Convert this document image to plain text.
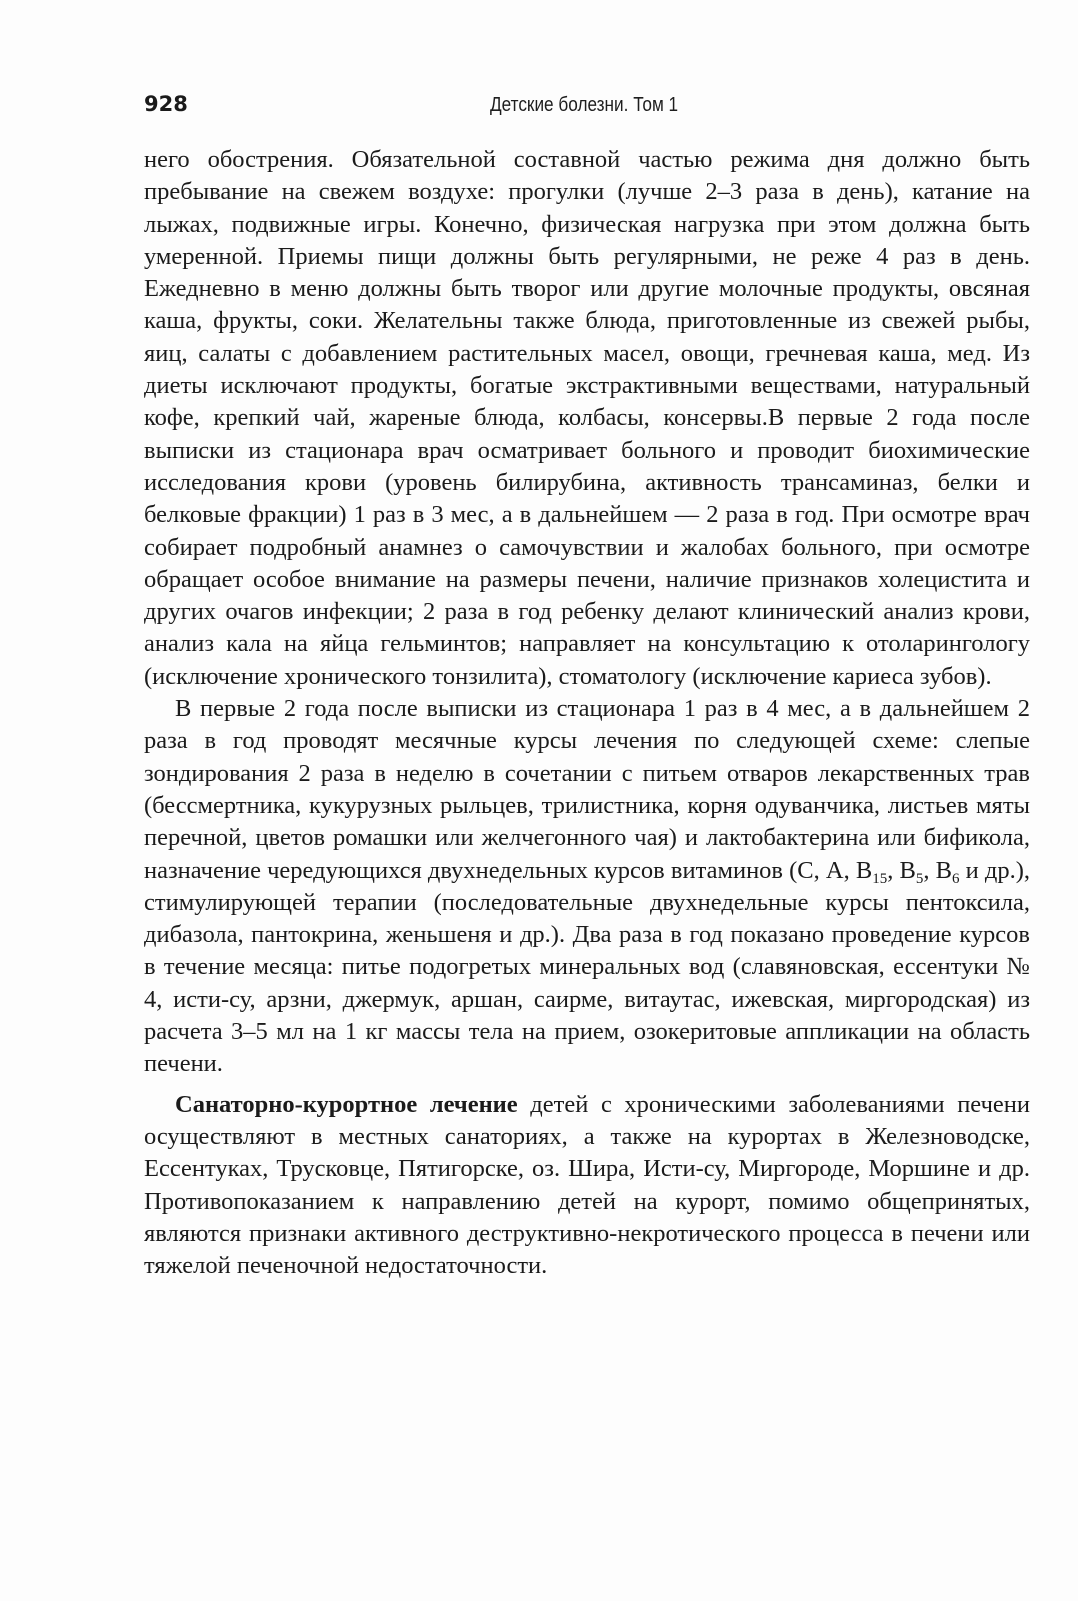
928	Детские болезни. Том 1

него обострения. Обязательной составной частью режима дня должно быть пребывание на свежем воздухе: прогулки (лучше 2–3 раза в день), катание на лыжах, подвижные игры. Конечно, физическая нагрузка при этом должна быть умеренной. Приемы пищи должны быть регулярными, не реже 4 раз в день. Ежедневно в меню должны быть творог или другие молочные продукты, овсяная каша, фрукты, соки. Желательны также блюда, приготовленные из свежей рыбы, яиц, салаты с добавлением растительных масел, овощи, гречневая каша, мед. Из диеты исключают продукты, богатые экстрактивными веществами, натуральный кофе, крепкий чай, жареные блюда, колбасы, консервы.В первые 2 года после выписки из стационара врач осматривает больного и проводит биохимические исследования крови (уровень билирубина, активность трансаминаз, белки и белковые фракции) 1 раз в 3 мес, а в дальнейшем — 2 раза в год. При осмотре врач собирает подробный анамнез о самочувствии и жалобах больного, при осмотре обращает особое внимание на размеры печени, наличие признаков холецистита и других очагов инфекции; 2 раза в год ребенку делают клинический анализ крови, анализ кала на яйца гельминтов; направляет на консультацию к отоларингологу (исключение хронического тонзилита), стоматологу (исключение кариеса зубов).

В первые 2 года после выписки из стационара 1 раз в 4 мес, а в дальнейшем 2 раза в год проводят месячные курсы лечения по следующей схеме: слепые зондирования 2 раза в неделю в сочетании с питьем отваров лекарственных трав (бессмертника, кукурузных рыльцев, трилистника, корня одуванчика, листьев мяты перечной, цветов ромашки или желчегонного чая) и лактобактерина или бификола, назначение чередующихся двухнедельных курсов витаминов (С, А, $В_{15}$, $В_5$, $В_6$ и др.), стимулирующей терапии (последовательные двухнедельные курсы пентоксила, дибазола, пантокрина, женьшеня и др.). Два раза в год показано проведение курсов в течение месяца: питье подогретых минеральных вод (славяновская, ессентуки № 4, исти-су, арзни, джермук, аршан, саирме, витаутас, ижевская, миргородская) из расчета 3–5 мл на 1 кг массы тела на прием, озокеритовые аппликации на область печени.

Санаторно-курортное лечение детей с хроническими заболеваниями печени осуществляют в местных санаториях, а также на курортах в Железноводске, Ессентуках, Трусковце, Пятигорске, оз. Шира, Исти-су, Миргороде, Моршине и др. Противопоказанием к направлению детей на курорт, помимо общепринятых, являются признаки активного деструктивно-некротического процесса в печени или тяжелой печеночной недостаточности.
